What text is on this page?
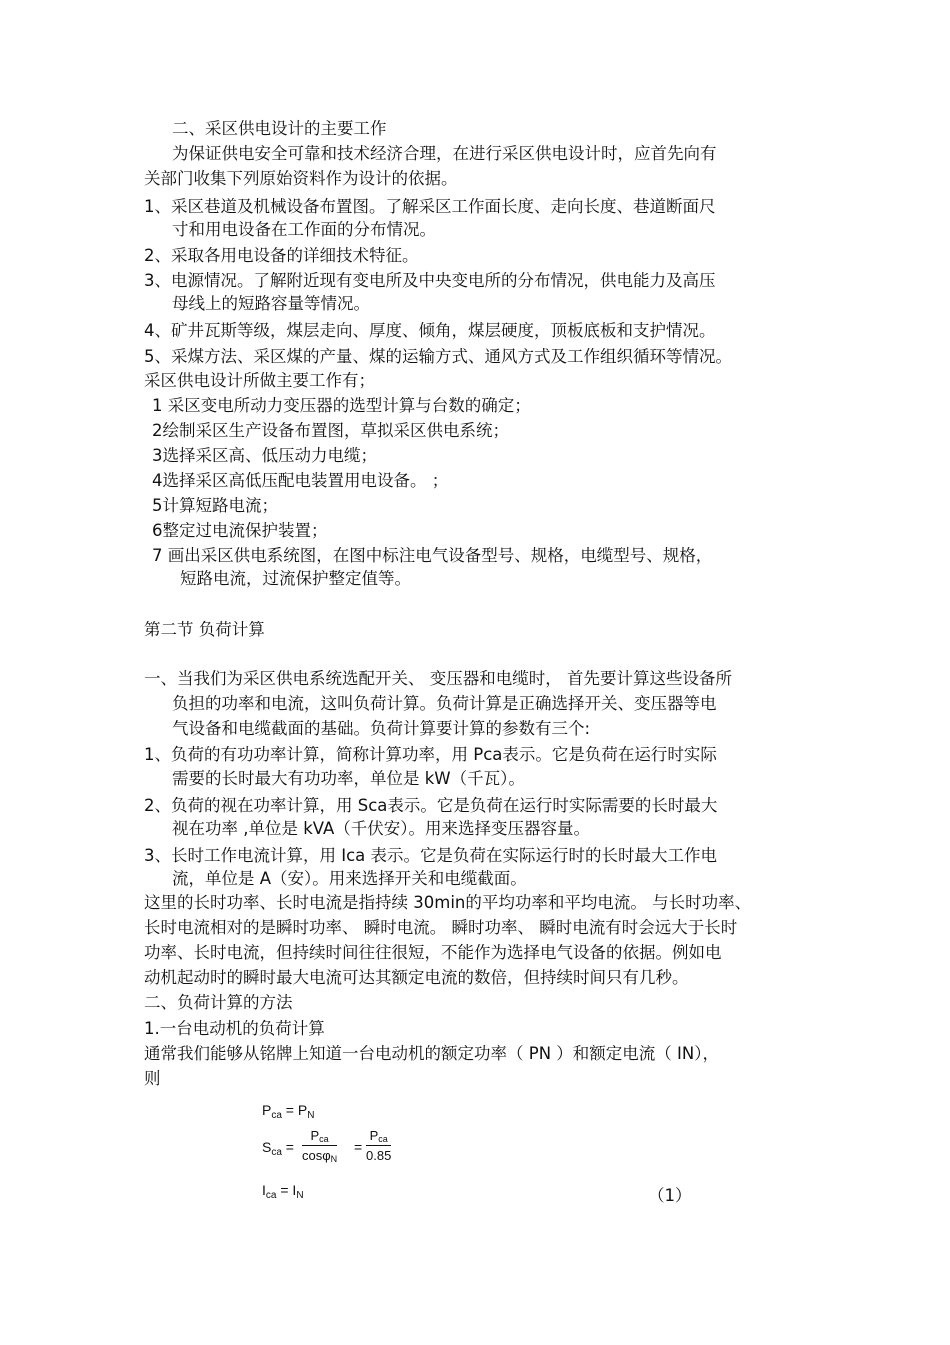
二、采区供电设计的主要工作
为保证供电安全可靠和技术经济合理，在进行采区供电设计时，应首先向有
关部门收集下列原始资料作为设计的依据。
1、采区巷道及机械设备布置图。了解采区工作面长度、走向长度、巷道断面尺
寸和用电设备在工作面的分布情况。
2、采取各用电设备的详细技术特征。
3、电源情况。了解附近现有变电所及中央变电所的分布情况，供电能力及高压
母线上的短路容量等情况。
4、矿井瓦斯等级，煤层走向、厚度、倾角，煤层硬度，顶板底板和支护情况。
5、采煤方法、采区煤的产量、煤的运输方式、通风方式及工作组织循环等情况。
采区供电设计所做主要工作有；
1 采区变电所动力变压器的选型计算与台数的确定；
2绘制采区生产设备布置图，草拟采区供电系统；
3选择采区高、低压动力电缆；
4选择采区高低压配电装置用电设备。 ；
5计算短路电流；
6整定过电流保护装置；
7 画出采区供电系统图，在图中标注电气设备型号、规格，电缆型号、规格，
短路电流，过流保护整定值等。
第二节 负荷计算
一、当我们为采区供电系统选配开关、 变压器和电缆时， 首先要计算这些设备所
负担的功率和电流，这叫负荷计算。负荷计算是正确选择开关、变压器等电
气设备和电缆截面的基础。负荷计算要计算的参数有三个:
1、负荷的有功功率计算，简称计算功率，用 Pca表示。它是负荷在运行时实际
需要的长时最大有功功率，单位是 kW（千瓦）。
2、负荷的视在功率计算，用 Sca表示。它是负荷在运行时实际需要的长时最大
视在功率 ,单位是 kVA（千伏安）。用来选择变压器容量。
3、长时工作电流计算，用 Ica 表示。它是负荷在实际运行时的长时最大工作电
流，单位是 A（安）。用来选择开关和电缆截面。
这里的长时功率、长时电流是指持续 30min的平均功率和平均电流。 与长时功率、
长时电流相对的是瞬时功率、 瞬时电流。 瞬时功率、 瞬时电流有时会远大于长时
功率、长时电流，但持续时间往往很短，不能作为选择电气设备的依据。例如电
动机起动时的瞬时最大电流可达其额定电流的数倍，但持续时间只有几秒。
二、负荷计算的方法
1.一台电动机的负荷计算
通常我们能够从铭牌上知道一台电动机的额定功率（ PN ）和额定电流（ IN），
则
$P_{ca} = P_N$
$S_{ca}$ =
$P_{ca}$
cosφ$_N$
=
$P_{ca}$
0.85
$I_{ca} = I_N$	（1）
